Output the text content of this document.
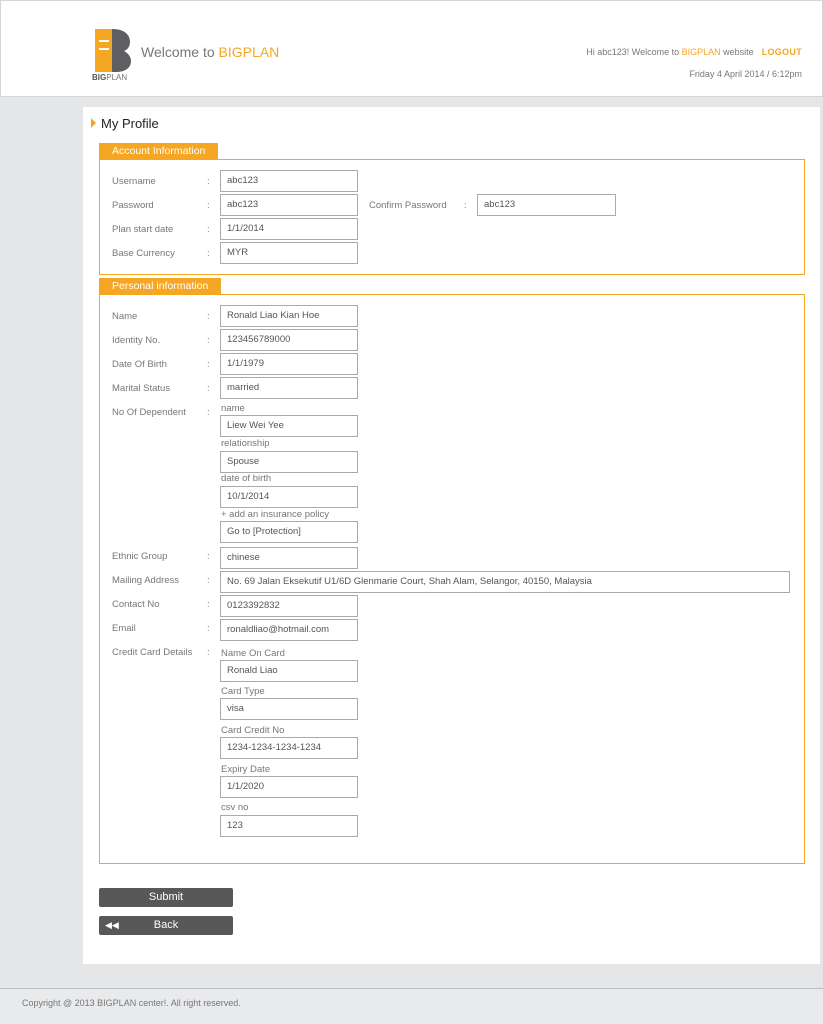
BIGPLAN
Welcome to BIGPLAN	Hi abc123! Welcome to BIGPLAN website LOGOUT
Friday 4 April 2014 / 6:12pm
My Profile
Account Information
Username	:	abc123
Password	:	abc123	Confirm Password :	abc123
Plan start date	:	1/1/2014
Base Currency	:	MYR
Personal information
Name	:	Ronald Liao Kian Hoe
Identity No.	:	123456789000
Date Of Birth	:	1/1/1979
Marital Status	:	married
No Of Dependent : name
Liew Wei Yee
relationship
Spouse
date of birth
10/1/2014
+ add an insurance policy
Go to [Protection]
Ethnic Group	:	chinese
Mailing Address	:	No. 69 Jalan Eksekutif U1/6D Glenmarie Court, Shah Alam, Selangor, 40150, Malaysia
Contact No	:	0123392832
Email	:	ronaldliao@hotmail.com
Credit Card Details : Name On Card
Ronald Liao
Card Type
visa
Card Credit No
1234-1234-1234-1234
Expiry Date
1/1/2020
csv no
123
Submit
◀◀	Back
Copyright @ 2013 BIGPLAN center!. All right reserved.
